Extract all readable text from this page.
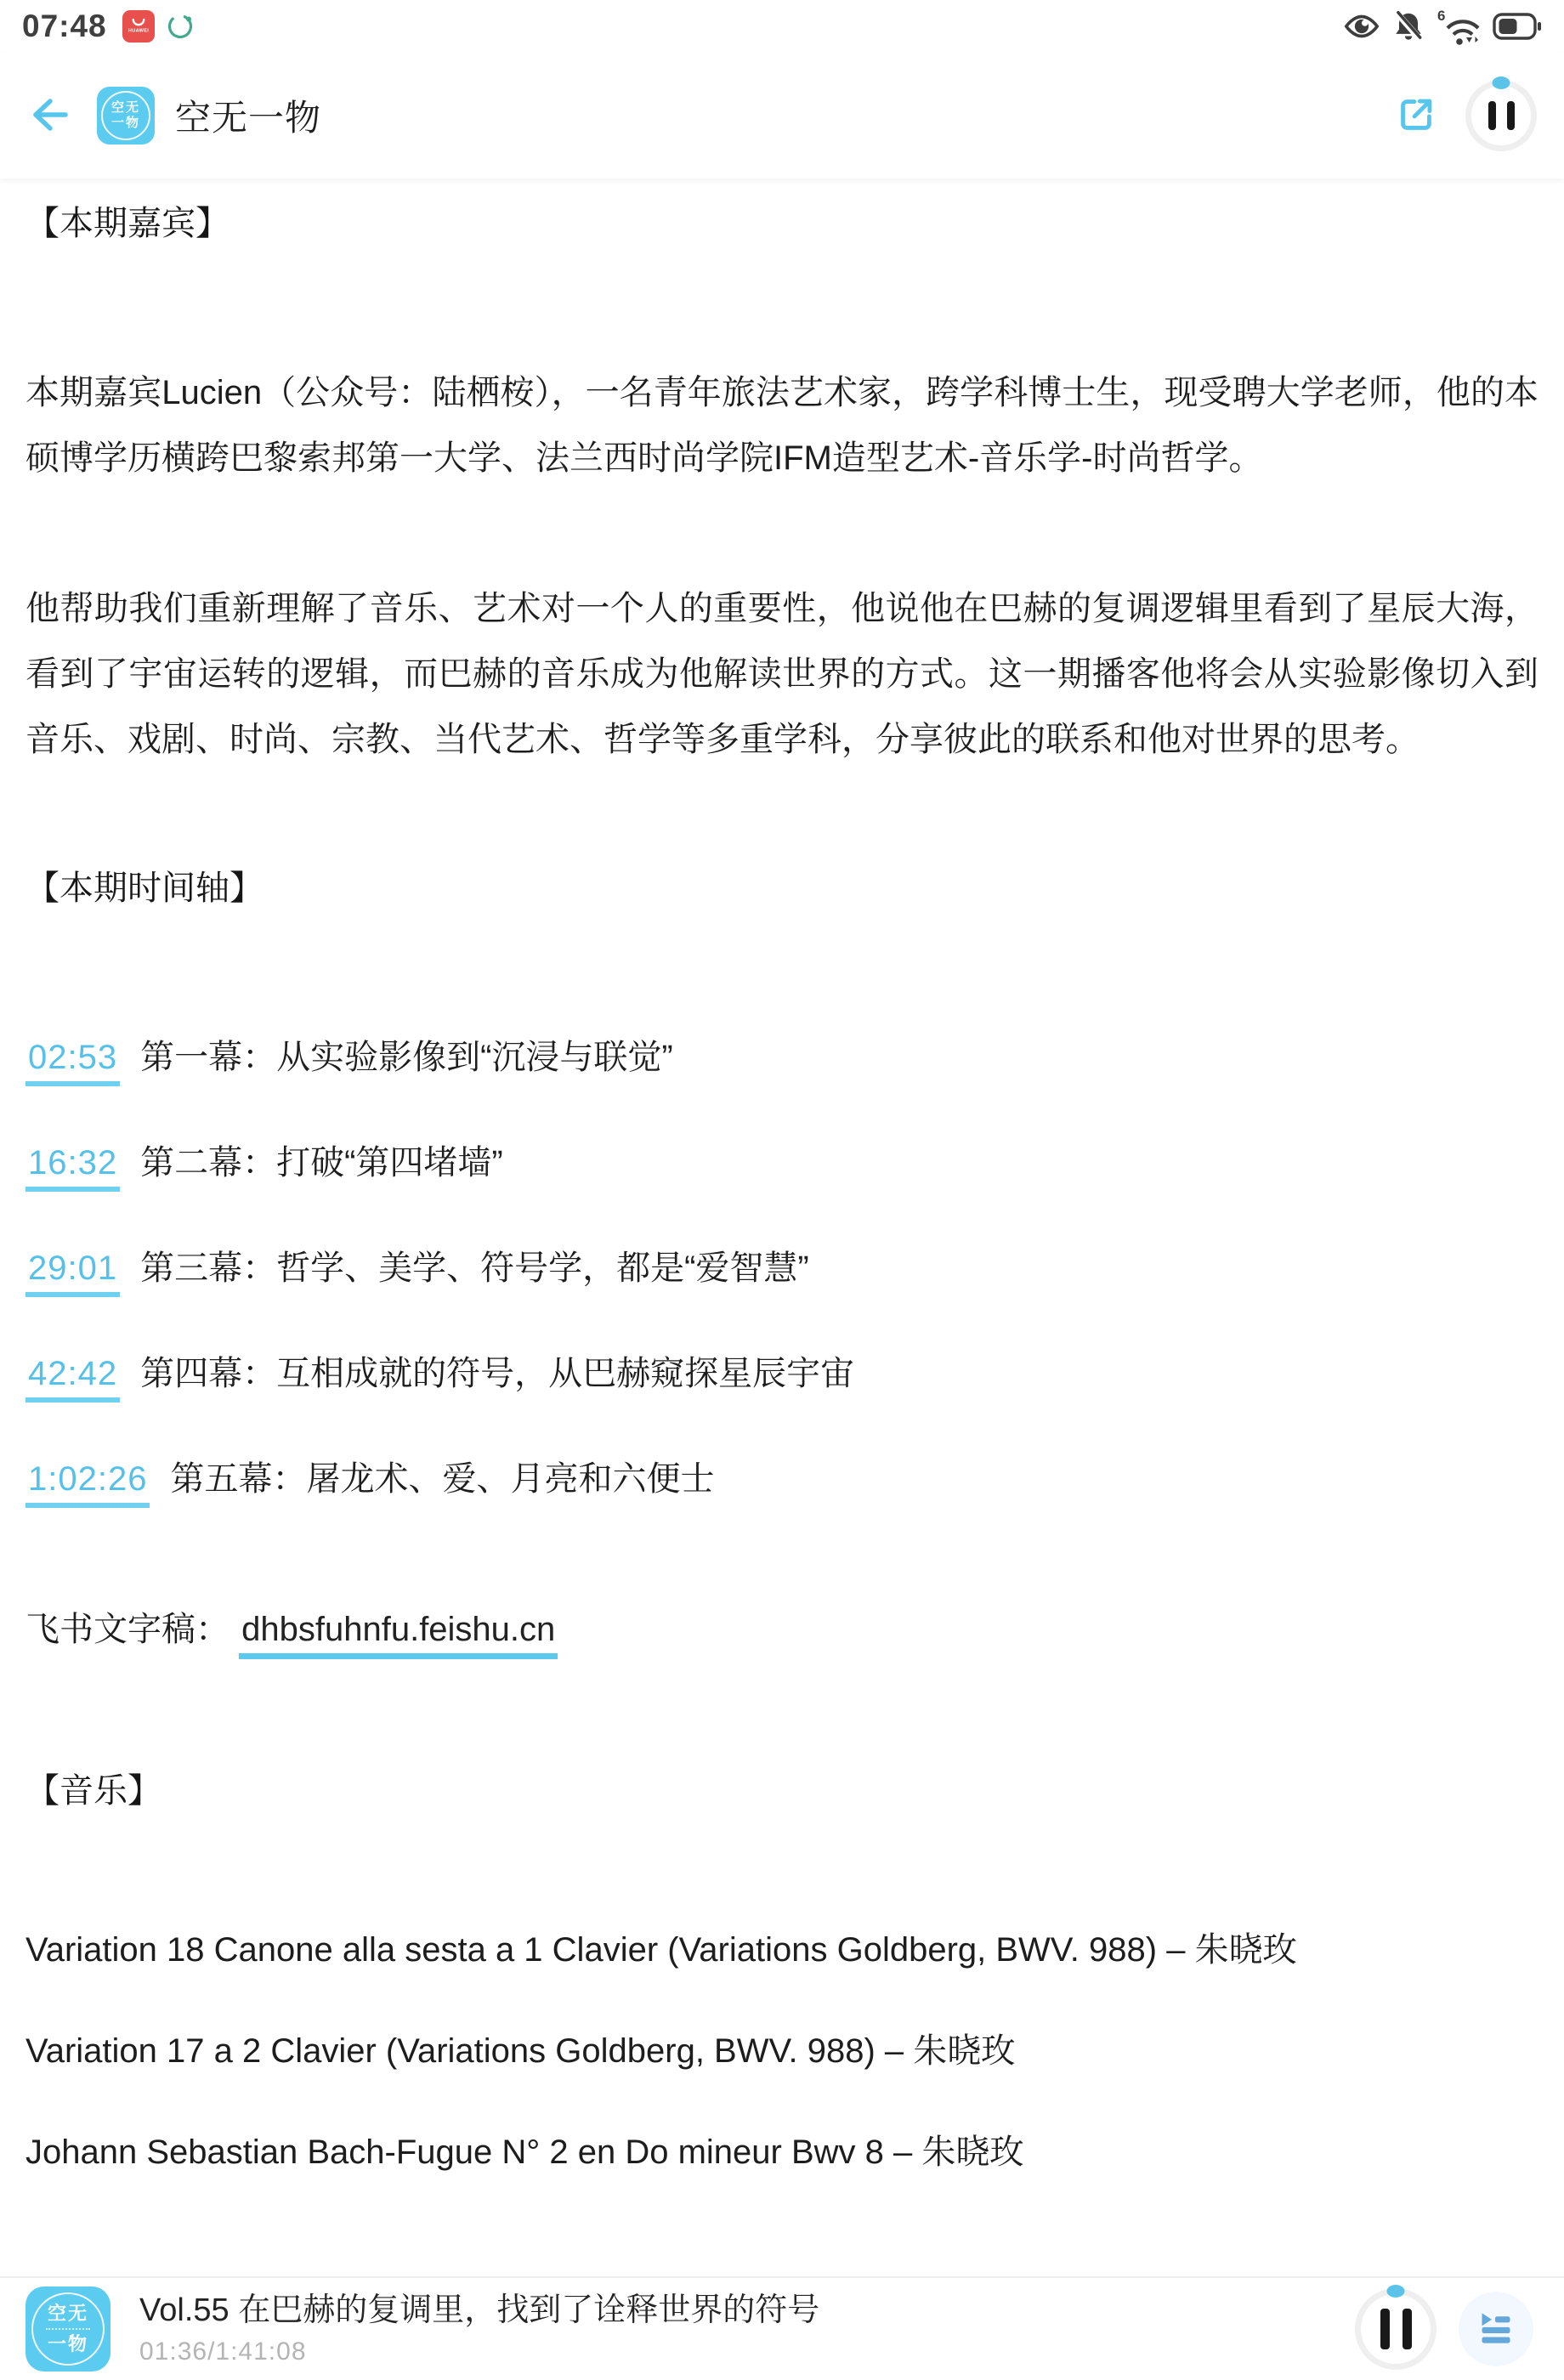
07:48	HUAWEI
6
空无
一物 空无一物
【本期嘉宾】

本期嘉宾Lucien（公众号：陆栖桉），一名青年旅法艺术家，跨学科博士生，现受聘大学老师，他的本硕博学历横跨巴黎索邦第一大学、法兰西时尚学院IFM造型艺术-音乐学-时尚哲学。

他帮助我们重新理解了音乐、艺术对一个人的重要性，他说他在巴赫的复调逻辑里看到了星辰大海，看到了宇宙运转的逻辑，而巴赫的音乐成为他解读世界的方式。这一期播客他将会从实验影像切入到音乐、戏剧、时尚、宗教、当代艺术、哲学等多重学科，分享彼此的联系和他对世界的思考。

【本期时间轴】
02:53 第一幕：从实验影像到“沉浸与联觉”
16:32 第二幕：打破“第四堵墙”
29:01 第三幕：哲学、美学、符号学，都是“爱智慧”
42:42 第四幕：互相成就的符号，从巴赫窥探星辰宇宙
1:02:26 第五幕：屠龙术、爱、月亮和六便士

飞书文字稿： dhbsfuhnfu.feishu.cn

【音乐】

Variation 18 Canone alla sesta a 1 Clavier (Variations Goldberg, BWV. 988) – 朱晓玫

Variation 17 a 2 Clavier (Variations Goldberg, BWV. 988) – 朱晓玫

Johann Sebastian Bach-Fugue N° 2 en Do mineur Bwv 8 – 朱晓玫

空无
一物
Vol.55 在巴赫的复调里，找到了诠释世界的符号
01:36/1:41:08
